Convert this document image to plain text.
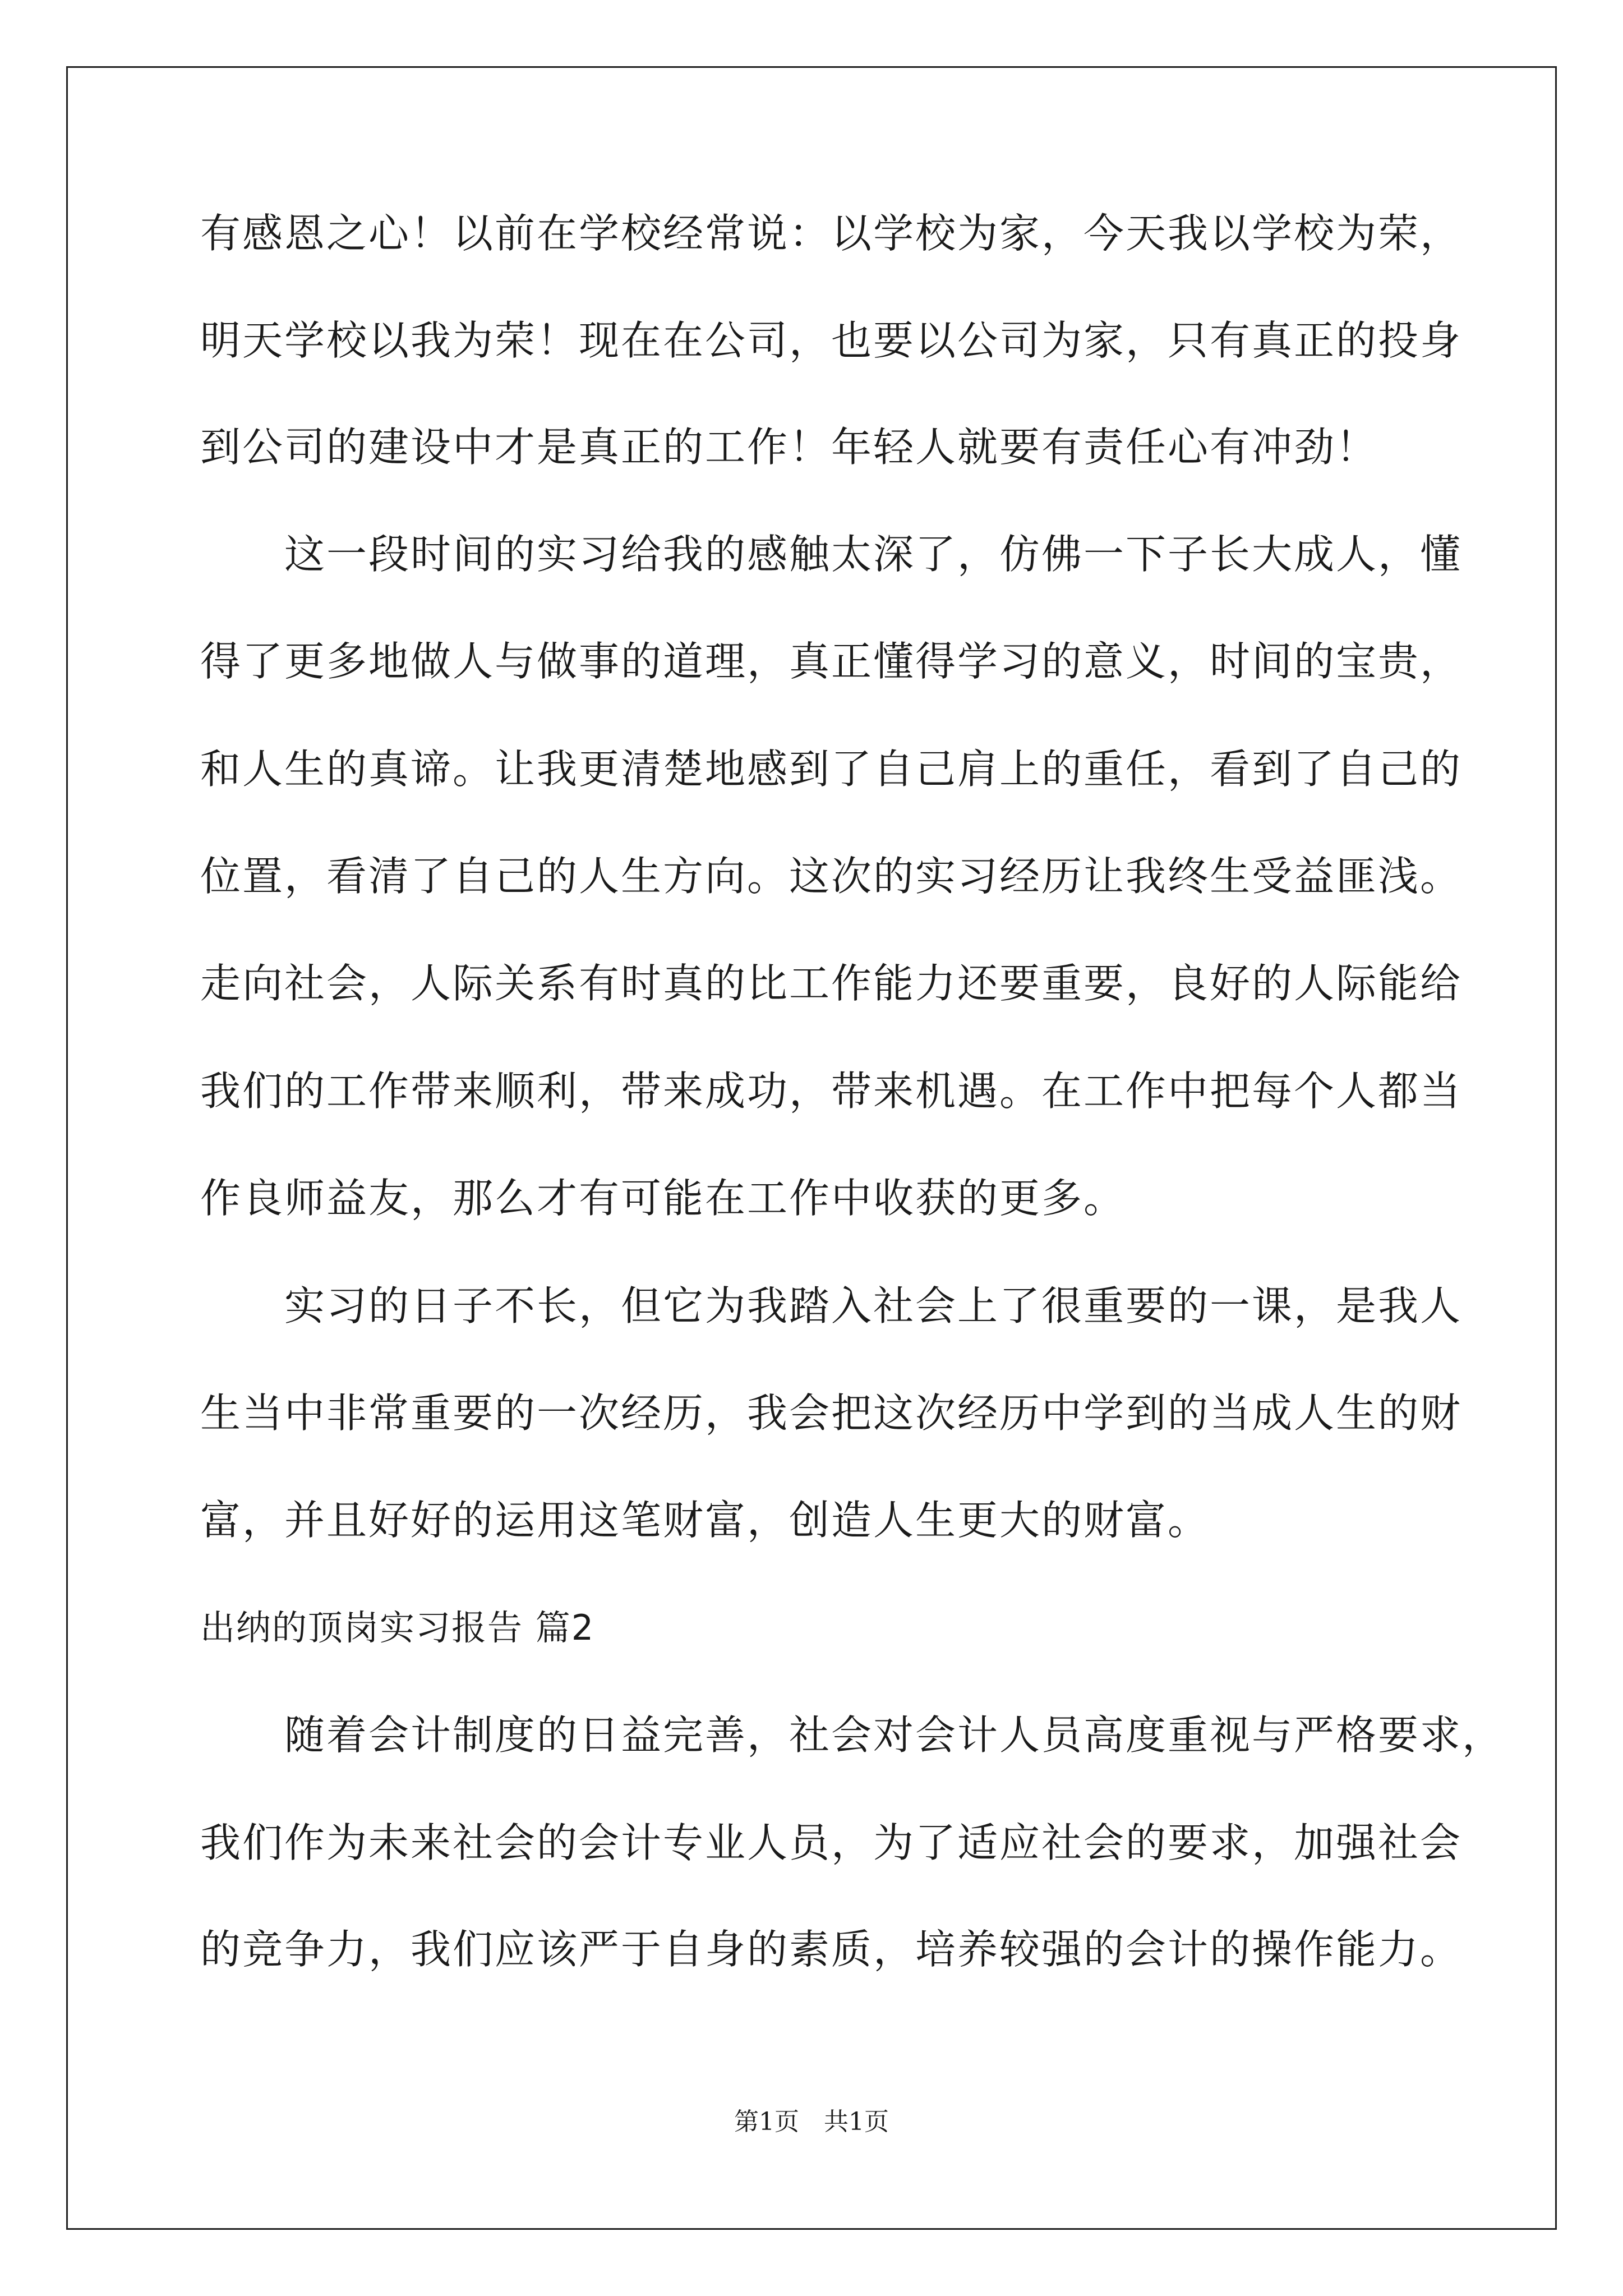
有感恩之心！以前在学校经常说：以学校为家，今天我以学校为荣，
明天学校以我为荣！现在在公司，也要以公司为家，只有真正的投身
到公司的建设中才是真正的工作！年轻人就要有责任心有冲劲！
　　这一段时间的实习给我的感触太深了，仿佛一下子长大成人，懂
得了更多地做人与做事的道理，真正懂得学习的意义，时间的宝贵，
和人生的真谛。让我更清楚地感到了自己肩上的重任，看到了自己的
位置，看清了自己的人生方向。这次的实习经历让我终生受益匪浅。
走向社会，人际关系有时真的比工作能力还要重要，良好的人际能给
我们的工作带来顺利，带来成功，带来机遇。在工作中把每个人都当
作良师益友，那么才有可能在工作中收获的更多。
　　实习的日子不长，但它为我踏入社会上了很重要的一课，是我人
生当中非常重要的一次经历，我会把这次经历中学到的当成人生的财
富，并且好好的运用这笔财富，创造人生更大的财富。
出纳的顶岗实习报告 篇2
　　随着会计制度的日益完善，社会对会计人员高度重视与严格要求，
我们作为未来社会的会计专业人员，为了适应社会的要求，加强社会
的竞争力，我们应该严于自身的素质，培养较强的会计的操作能力。
第1页　共1页
